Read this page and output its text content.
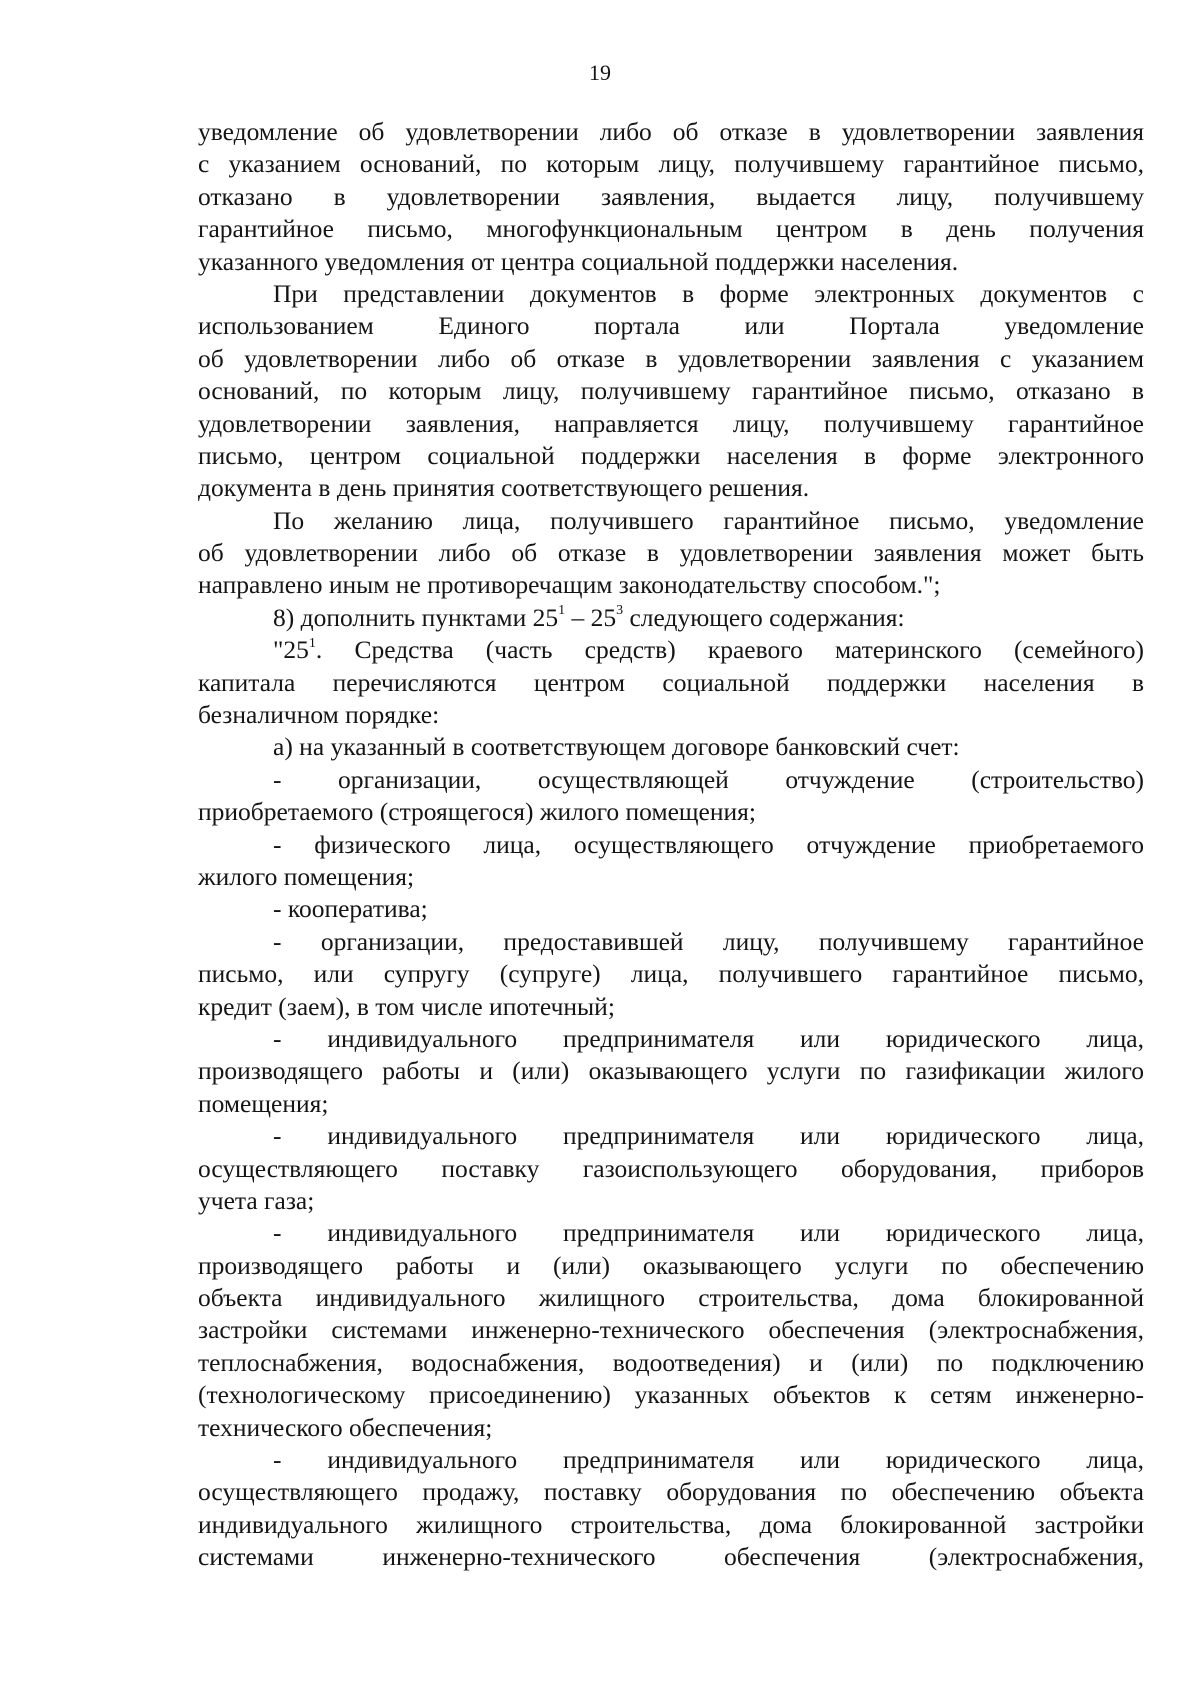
19
уведомление об удовлетворении либо об отказе в удовлетворении заявления
с указанием оснований, по которым лицу, получившему гарантийное письмо,
отказано в удовлетворении заявления, выдается лицу, получившему
гарантийное письмо, многофункциональным центром в день получения
указанного уведомления от центра социальной поддержки населения.
При представлении документов в форме электронных документов с
использованием Единого портала или Портала уведомление
об удовлетворении либо об отказе в удовлетворении заявления с указанием
оснований, по которым лицу, получившему гарантийное письмо, отказано в
удовлетворении заявления, направляется лицу, получившему гарантийное
письмо, центром социальной поддержки населения в форме электронного
документа в день принятия соответствующего решения.
По желанию лица, получившего гарантийное письмо, уведомление
об удовлетворении либо об отказе в удовлетворении заявления может быть
направлено иным не противоречащим законодательству способом.";
8) дополнить пунктами $25^1 - 25^3$ следующего содержания:
"$25^1$. Средства (часть средств) краевого материнского (семейного)
капитала перечисляются центром социальной поддержки населения в
безналичном порядке:
а) на указанный в соответствующем договоре банковский счет:
- организации, осуществляющей отчуждение (строительство)
приобретаемого (строящегося) жилого помещения;
- физического лица, осуществляющего отчуждение приобретаемого
жилого помещения;
- кооператива;
- организации, предоставившей лицу, получившему гарантийное
письмо, или супругу (супруге) лица, получившего гарантийное письмо,
кредит (заем), в том числе ипотечный;
- индивидуального предпринимателя или юридического лица,
производящего работы и (или) оказывающего услуги по газификации жилого
помещения;
- индивидуального предпринимателя или юридического лица,
осуществляющего поставку газоиспользующего оборудования, приборов
учета газа;
- индивидуального предпринимателя или юридического лица,
производящего работы и (или) оказывающего услуги по обеспечению
объекта индивидуального жилищного строительства, дома блокированной
застройки системами инженерно-технического обеспечения (электроснабжения,
теплоснабжения, водоснабжения, водоотведения) и (или) по подключению
(технологическому присоединению) указанных объектов к сетям инженерно-
технического обеспечения;
- индивидуального предпринимателя или юридического лица,
осуществляющего продажу, поставку оборудования по обеспечению объекта
индивидуального жилищного строительства, дома блокированной застройки
системами инженерно-технического обеспечения (электроснабжения,
